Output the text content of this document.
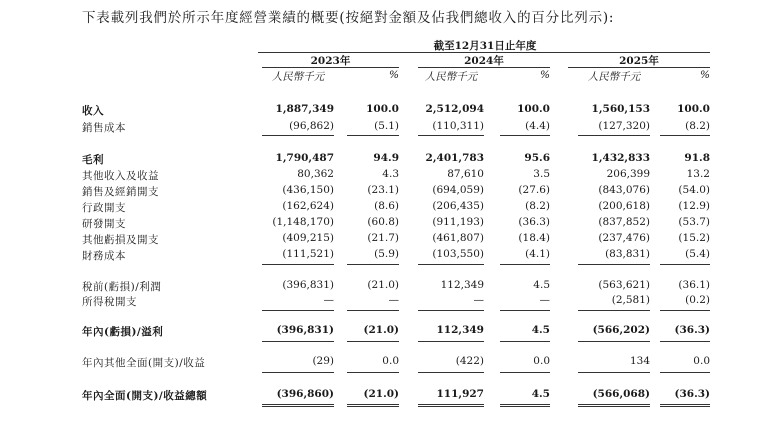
下表載列我們於所示年度經營業績的概要(按絕對金額及佔我們總收入的百分比列示):
截至12月31日止年度
2023年	2024年	2025年
人民幣千元	%	人民幣千元	%	人民幣千元	%
收入	1,887,349	100.0	2,512,094	100.0	1,560,153	100.0
銷售成本	(96,862)	(5.1)	(110,311)	(4.4)	(127,320)	(8.2)
毛利	1,790,487	94.9	2,401,783	95.6	1,432,833	91.8
其他收入及收益	80,362	4.3	87,610	3.5	206,399	13.2
銷售及經銷開支	(436,150)	(23.1)	(694,059)	(27.6)	(843,076)	(54.0)
行政開支	(162,624)	(8.6)	(206,435)	(8.2)	(200,618)	(12.9)
研發開支	(1,148,170)	(60.8)	(911,193)	(36.3)	(837,852)	(53.7)
其他虧損及開支	(409,215)	(21.7)	(461,807)	(18.4)	(237,476)	(15.2)
財務成本	(111,521)	(5.9)	(103,550)	(4.1)	(83,831)	(5.4)
稅前(虧損)/利潤	(396,831)	(21.0)	112,349	4.5	(563,621)	(36.1)
所得稅開支	—	—	—	—	(2,581)	(0.2)
年內(虧損)/溢利	(396,831)	(21.0)	112,349	4.5	(566,202)	(36.3)
年內其他全面(開支)/收益	(29)	0.0	(422)	0.0	134	0.0
年內全面(開支)/收益總額	(396,860)	(21.0)	111,927	4.5	(566,068)	(36.3)
